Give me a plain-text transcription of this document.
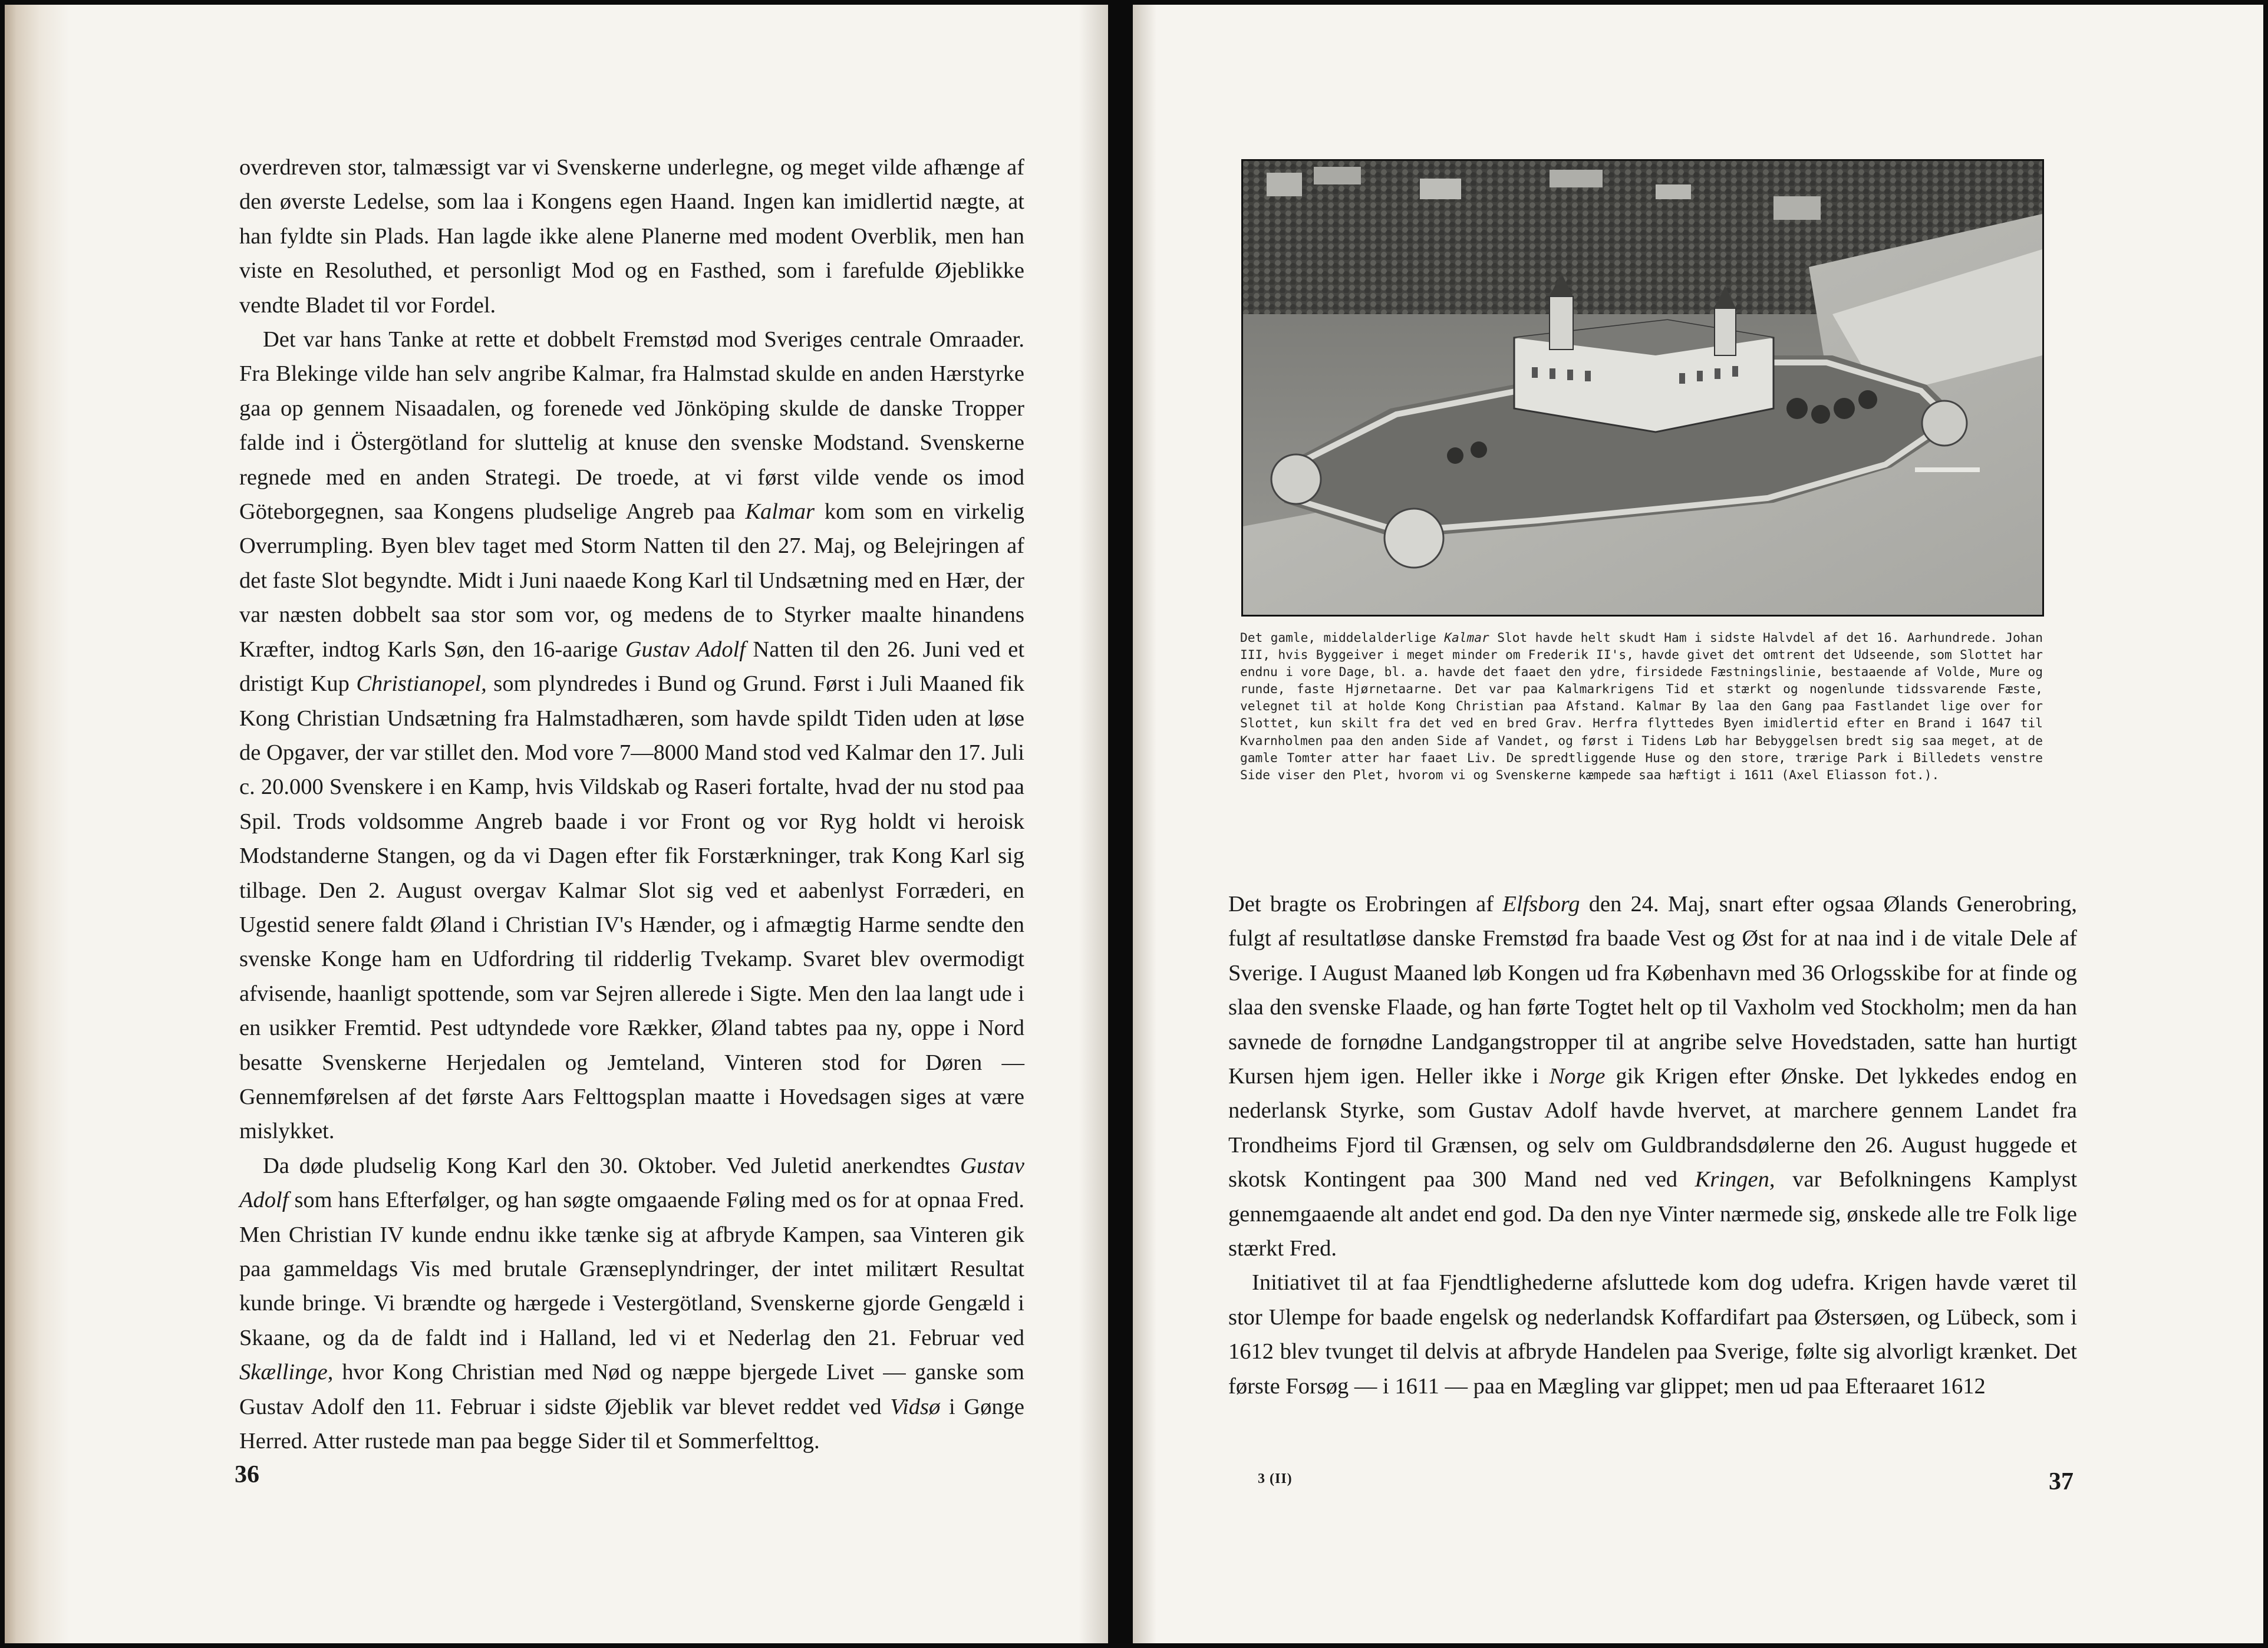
overdreven stor, talmæssigt var vi Svenskerne underlegne, og meget vilde afhænge af den øverste Ledelse, som laa i Kongens egen Haand. Ingen kan imidlertid nægte, at han fyldte sin Plads. Han lagde ikke alene Planerne med modent Overblik, men han viste en Resoluthed, et personligt Mod og en Fasthed, som i farefulde Øjeblikke vendte Bladet til vor Fordel.

Det var hans Tanke at rette et dobbelt Fremstød mod Sveriges centrale Omraader. Fra Blekinge vilde han selv angribe Kalmar, fra Halmstad skulde en anden Hærstyrke gaa op gennem Nisaadalen, og forenede ved Jönköping skulde de danske Tropper falde ind i Östergötland for sluttelig at knuse den svenske Modstand. Svenskerne regnede med en anden Strategi. De troede, at vi først vilde vende os imod Göteborgegnen, saa Kongens pludselige Angreb paa Kalmar kom som en virkelig Overrumpling. Byen blev taget med Storm Natten til den 27. Maj, og Belejringen af det faste Slot begyndte. Midt i Juni naaede Kong Karl til Undsætning med en Hær, der var næsten dobbelt saa stor som vor, og medens de to Styrker maalte hinandens Kræfter, indtog Karls Søn, den 16-aarige Gustav Adolf Natten til den 26. Juni ved et dristigt Kup Christianopel, som plyndredes i Bund og Grund. Først i Juli Maaned fik Kong Christian Undsætning fra Halmstadhæren, som havde spildt Tiden uden at løse de Opgaver, der var stillet den. Mod vore 7—8000 Mand stod ved Kalmar den 17. Juli c. 20.000 Svenskere i en Kamp, hvis Vildskab og Raseri fortalte, hvad der nu stod paa Spil. Trods voldsomme Angreb baade i vor Front og vor Ryg holdt vi heroisk Modstanderne Stangen, og da vi Dagen efter fik Forstærkninger, trak Kong Karl sig tilbage. Den 2. August overgav Kalmar Slot sig ved et aabenlyst Forræderi, en Ugestid senere faldt Øland i Christian IV's Hænder, og i afmægtig Harme sendte den svenske Konge ham en Udfordring til ridderlig Tvekamp. Svaret blev overmodigt afvisende, haanligt spottende, som var Sejren allerede i Sigte. Men den laa langt ude i en usikker Fremtid. Pest udtyndede vore Rækker, Øland tabtes paa ny, oppe i Nord besatte Svenskerne Herjedalen og Jemteland, Vinteren stod for Døren — Gennemførelsen af det første Aars Felttogsplan maatte i Hovedsagen siges at være mislykket.

Da døde pludselig Kong Karl den 30. Oktober. Ved Juletid anerkendtes Gustav Adolf som hans Efterfølger, og han søgte omgaaende Føling med os for at opnaa Fred. Men Christian IV kunde endnu ikke tænke sig at afbryde Kampen, saa Vinteren gik paa gammeldags Vis med brutale Grænseplyndringer, der intet militært Resultat kunde bringe. Vi brændte og hærgede i Vestergötland, Svenskerne gjorde Gengæld i Skaane, og da de faldt ind i Halland, led vi et Nederlag den 21. Februar ved Skællinge, hvor Kong Christian med Nød og næppe bjergede Livet — ganske som Gustav Adolf den 11. Februar i sidste Øjeblik var blevet reddet ved Vidsø i Gønge Herred. Atter rustede man paa begge Sider til et Sommerfelttog.

36
Det gamle, middelalderlige Kalmar Slot havde helt skudt Ham i sidste Halvdel af det 16. Aarhundrede. Johan III, hvis Byggeiver i meget minder om Frederik II's, havde givet det omtrent det Udseende, som Slottet har endnu i vore Dage, bl. a. havde det faaet den ydre, firsidede Fæstningslinie, bestaaende af Volde, Mure og runde, faste Hjørnetaarne. Det var paa Kalmarkrigens Tid et stærkt og nogenlunde tidssvarende Fæste, velegnet til at holde Kong Christian paa Afstand. Kalmar By laa den Gang paa Fastlandet lige over for Slottet, kun skilt fra det ved en bred Grav. Herfra flyttedes Byen imidlertid efter en Brand i 1647 til Kvarnholmen paa den anden Side af Vandet, og først i Tidens Løb har Bebyggelsen bredt sig saa meget, at de gamle Tomter atter har faaet Liv. De spredtliggende Huse og den store, trærige Park i Billedets venstre Side viser den Plet, hvorom vi og Svenskerne kæmpede saa hæftigt i 1611 (Axel Eliasson fot.).

Det bragte os Erobringen af Elfsborg den 24. Maj, snart efter ogsaa Ølands Generobring, fulgt af resultatløse danske Fremstød fra baade Vest og Øst for at naa ind i de vitale Dele af Sverige. I August Maaned løb Kongen ud fra København med 36 Orlogsskibe for at finde og slaa den svenske Flaade, og han førte Togtet helt op til Vaxholm ved Stockholm; men da han savnede de fornødne Landgangstropper til at angribe selve Hovedstaden, satte han hurtigt Kursen hjem igen. Heller ikke i Norge gik Krigen efter Ønske. Det lykkedes endog en nederlansk Styrke, som Gustav Adolf havde hvervet, at marchere gennem Landet fra Trondheims Fjord til Grænsen, og selv om Guldbrandsdølerne den 26. August huggede et skotsk Kontingent paa 300 Mand ned ved Kringen, var Befolkningens Kamplyst gennemgaaende alt andet end god. Da den nye Vinter nærmede sig, ønskede alle tre Folk lige stærkt Fred.

Initiativet til at faa Fjendtlighederne afsluttede kom dog udefra. Krigen havde været til stor Ulempe for baade engelsk og nederlandsk Koffardifart paa Østersøen, og Lübeck, som i 1612 blev tvunget til delvis at afbryde Handelen paa Sverige, følte sig alvorligt krænket. Det første Forsøg — i 1611 — paa en Mægling var glippet; men ud paa Efteraaret 1612

3 (II)	37
